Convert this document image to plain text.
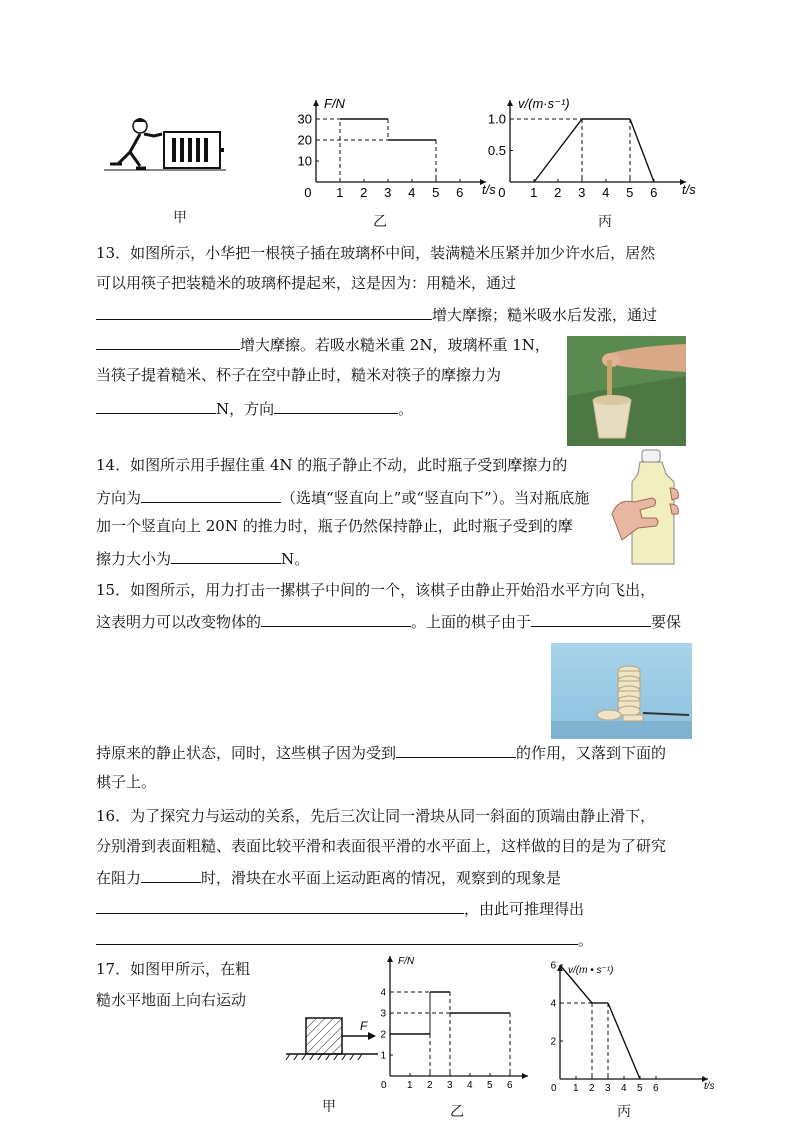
甲
F/N
t/s
0 1 2 3 4 5 6
30
20
10
乙
v/(m·s⁻¹)
t/s
0 1 2 3 4 5 6
1.0
0.5
丙
13．如图所示，小华把一根筷子插在玻璃杯中间，装满糙米压紧并加少许水后，居然
可以用筷子把装糙米的玻璃杯提起来，这是因为：用糙米，通过
增大摩擦；糙米吸水后发涨，通过
增大摩擦。若吸水糙米重 2N，玻璃杯重 1N，
当筷子提着糙米、杯子在空中静止时，糙米对筷子的摩擦力为
N，方向	。
14．如图所示用手握住重 4N 的瓶子静止不动，此时瓶子受到摩擦力的
方向为	（选填“竖直向上”或“竖直向下”）。当对瓶底施
加一个竖直向上 20N 的推力时，瓶子仍然保持静止，此时瓶子受到的摩
擦力大小为	N。
15．如图所示，用力打击一摞棋子中间的一个，该棋子由静止开始沿水平方向飞出，
这表明力可以改变物体的	。上面的棋子由于	要保
持原来的静止状态，同时，这些棋子因为受到	的作用，又落到下面的
棋子上。
16．为了探究力与运动的关系，先后三次让同一滑块从同一斜面的顶端由静止滑下，
分别滑到表面粗糙、表面比较平滑和表面很平滑的水平面上，这样做的目的是为了研究
在阻力	时，滑块在水平面上运动距离的情况，观察到的现象是
，由此可推理得出
。
17．如图甲所示，在粗
糙水平地面上向右运动
F
甲
F/N
0 1 2 3 4 5 6
4
3
2
1
乙
v/(m • s⁻¹)
t/s
0 1 2 3 4 5 6
6
4
2
丙
